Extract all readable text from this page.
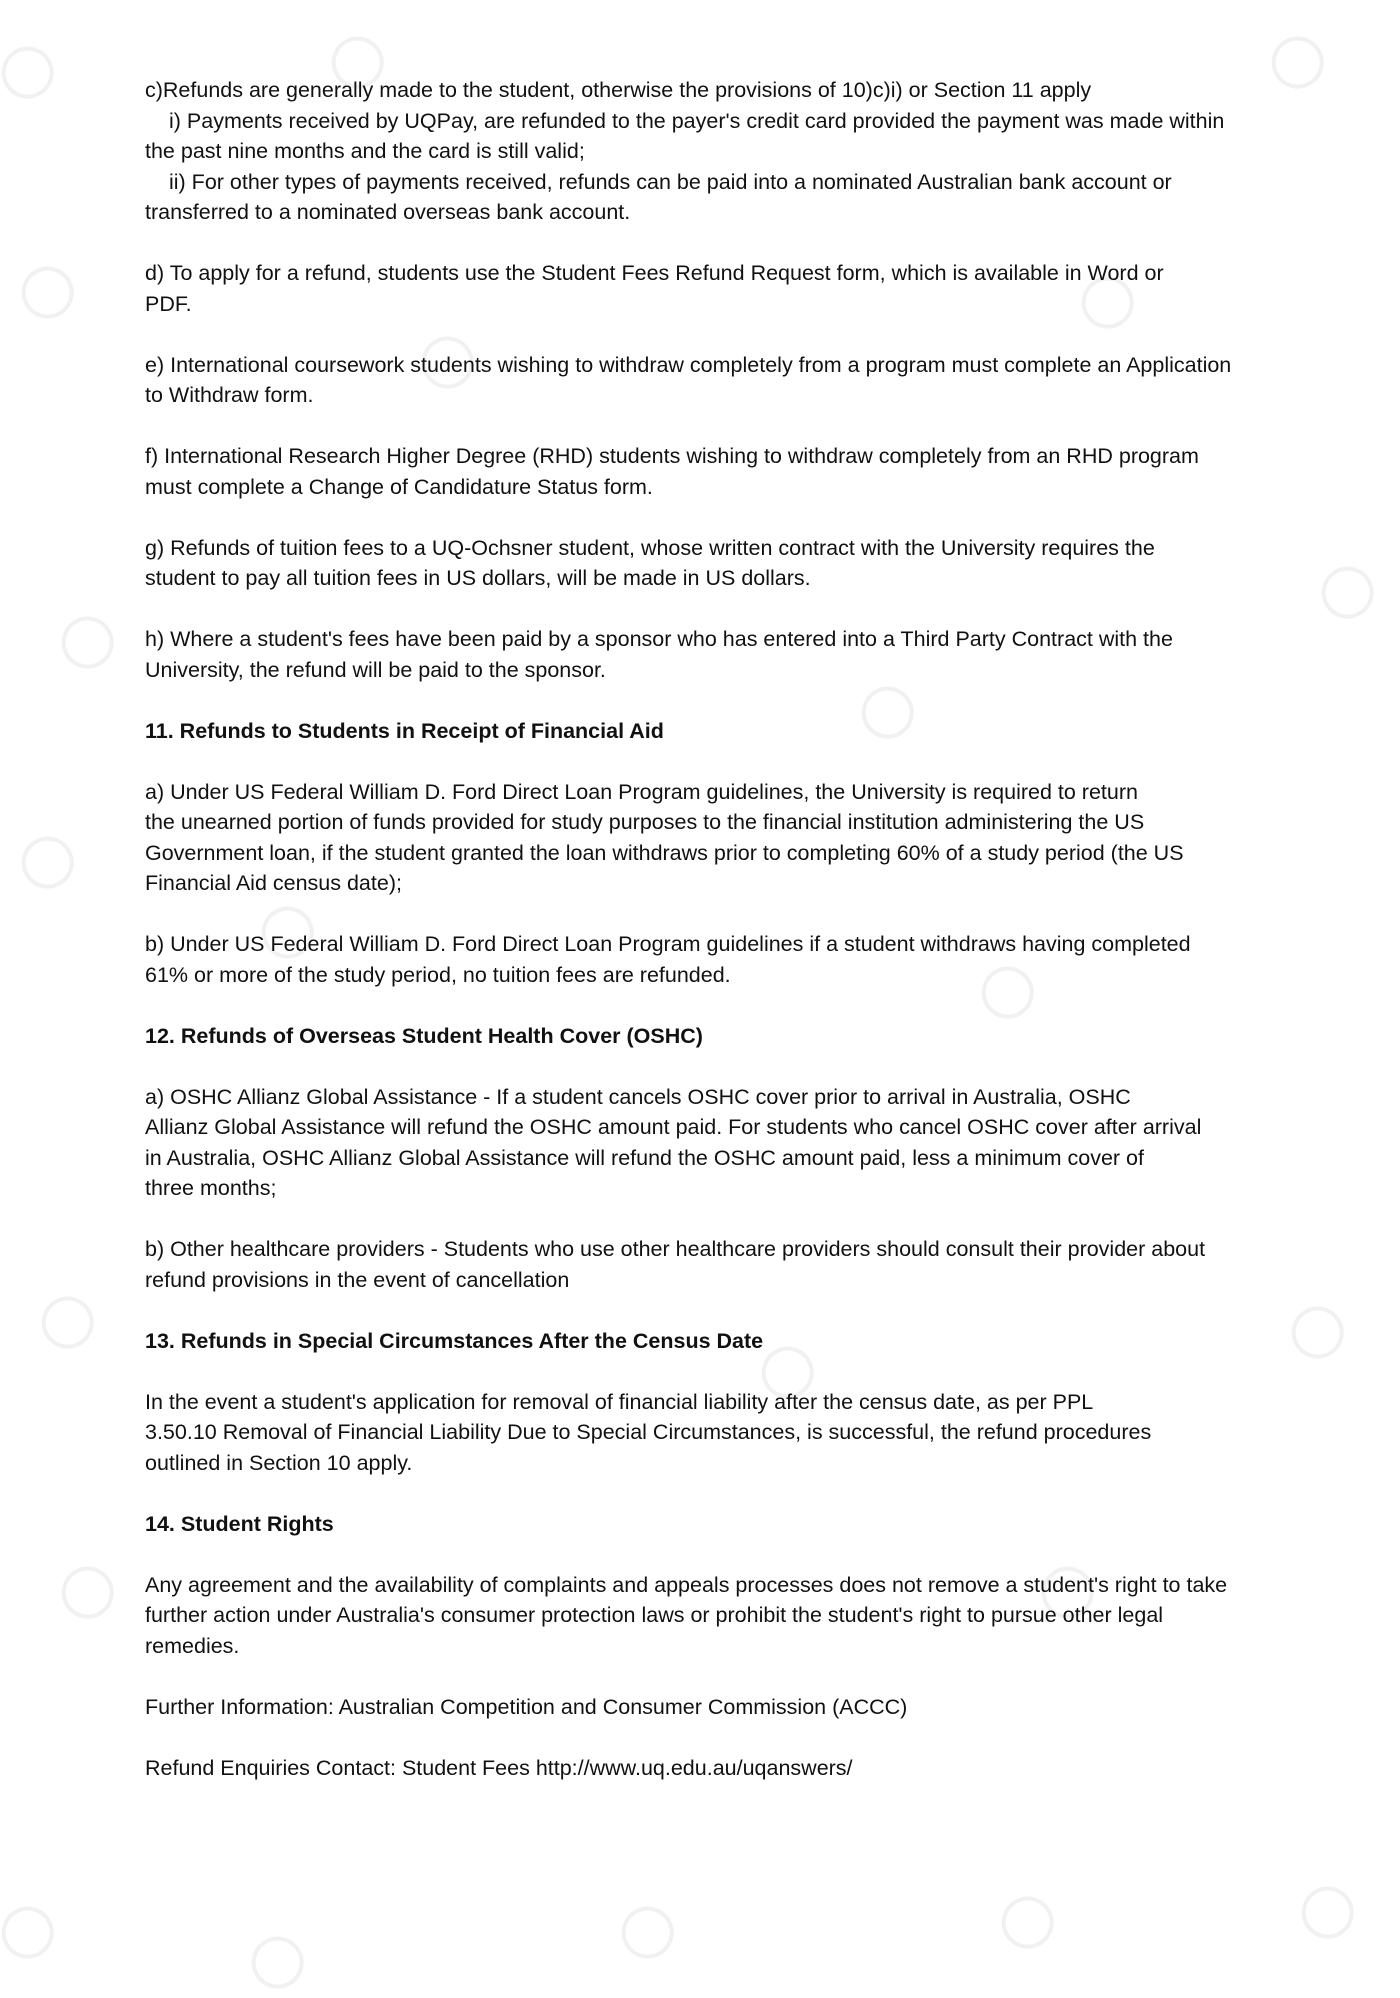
c)Refunds are generally made to the student, otherwise the provisions of 10)c)i) or Section 11 apply
i) Payments received by UQPay, are refunded to the payer's credit card provided the payment was made within
the past nine months and the card is still valid;
ii) For other types of payments received, refunds can be paid into a nominated Australian bank account or
transferred to a nominated overseas bank account.
d) To apply for a refund, students use the Student Fees Refund Request form, which is available in Word or
PDF.
e) International coursework students wishing to withdraw completely from a program must complete an Application
to Withdraw form.
f) International Research Higher Degree (RHD) students wishing to withdraw completely from an RHD program
must complete a Change of Candidature Status form.
g) Refunds of tuition fees to a UQ-Ochsner student, whose written contract with the University requires the
student to pay all tuition fees in US dollars, will be made in US dollars.
h) Where a student's fees have been paid by a sponsor who has entered into a Third Party Contract with the
University, the refund will be paid to the sponsor.
11. Refunds to Students in Receipt of Financial Aid
a) Under US Federal William D. Ford Direct Loan Program guidelines, the University is required to return
the unearned portion of funds provided for study purposes to the financial institution administering the US
Government loan, if the student granted the loan withdraws prior to completing 60% of a study period (the US
Financial Aid census date);
b) Under US Federal William D. Ford Direct Loan Program guidelines if a student withdraws having completed
61% or more of the study period, no tuition fees are refunded.
12. Refunds of Overseas Student Health Cover (OSHC)
a) OSHC Allianz Global Assistance - If a student cancels OSHC cover prior to arrival in Australia, OSHC
Allianz Global Assistance will refund the OSHC amount paid. For students who cancel OSHC cover after arrival
in Australia, OSHC Allianz Global Assistance will refund the OSHC amount paid, less a minimum cover of
three months;
b) Other healthcare providers - Students who use other healthcare providers should consult their provider about
refund provisions in the event of cancellation
13. Refunds in Special Circumstances After the Census Date
In the event a student's application for removal of financial liability after the census date, as per PPL
3.50.10 Removal of Financial Liability Due to Special Circumstances, is successful, the refund procedures
outlined in Section 10 apply.
14. Student Rights
Any agreement and the availability of complaints and appeals processes does not remove a student's right to take
further action under Australia's consumer protection laws or prohibit the student's right to pursue other legal
remedies.
Further Information: Australian Competition and Consumer Commission (ACCC)
Refund Enquiries Contact: Student Fees http://www.uq.edu.au/uqanswers/
